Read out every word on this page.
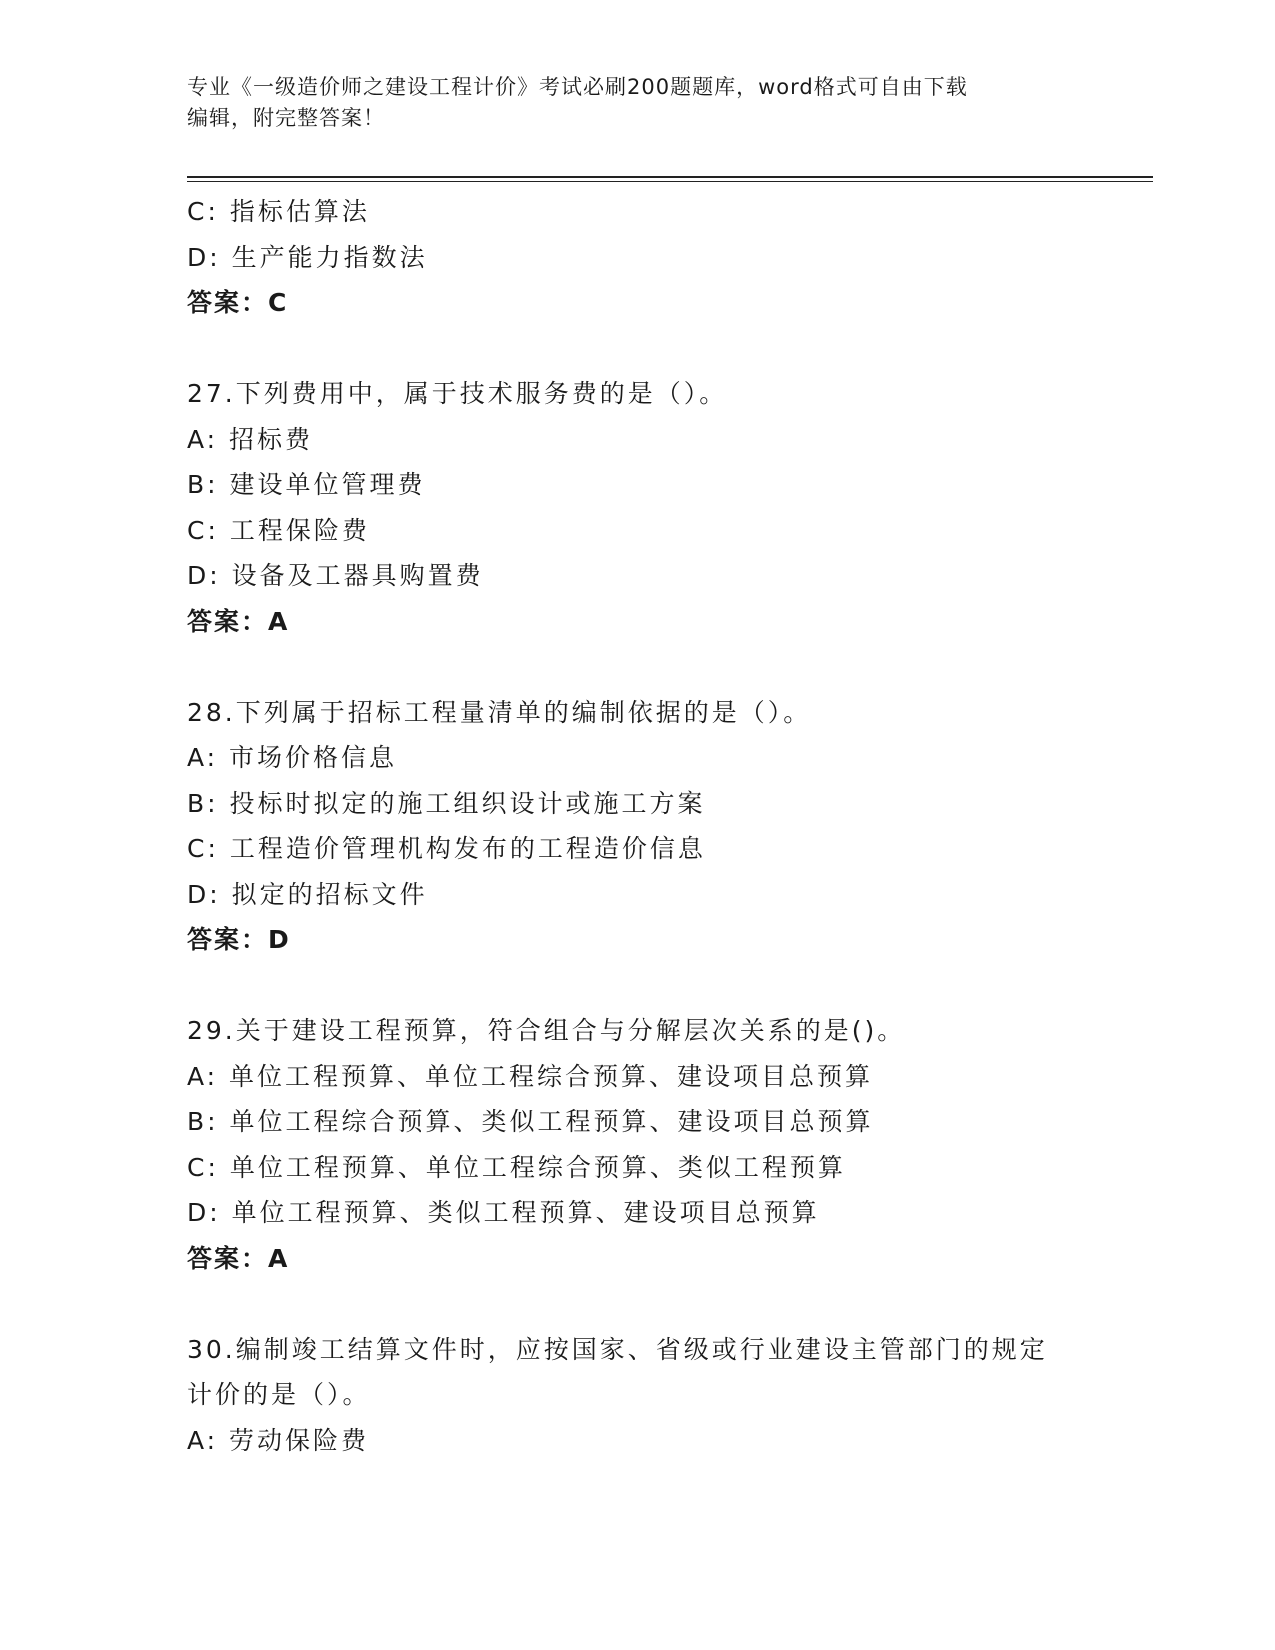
专业《一级造价师之建设工程计价》考试必刷200题题库，word格式可自由下载
编辑，附完整答案！
C: 指标估算法
D: 生产能力指数法
答案：C
27.下列费用中，属于技术服务费的是（）。
A: 招标费
B: 建设单位管理费
C: 工程保险费
D: 设备及工器具购置费
答案：A
28.下列属于招标工程量清单的编制依据的是（）。
A: 市场价格信息
B: 投标时拟定的施工组织设计或施工方案
C: 工程造价管理机构发布的工程造价信息
D: 拟定的招标文件
答案：D
29.关于建设工程预算，符合组合与分解层次关系的是()。
A: 单位工程预算、单位工程综合预算、建设项目总预算
B: 单位工程综合预算、类似工程预算、建设项目总预算
C: 单位工程预算、单位工程综合预算、类似工程预算
D: 单位工程预算、类似工程预算、建设项目总预算
答案：A
30.编制竣工结算文件时，应按国家、省级或行业建设主管部门的规定
计价的是（）。
A: 劳动保险费
